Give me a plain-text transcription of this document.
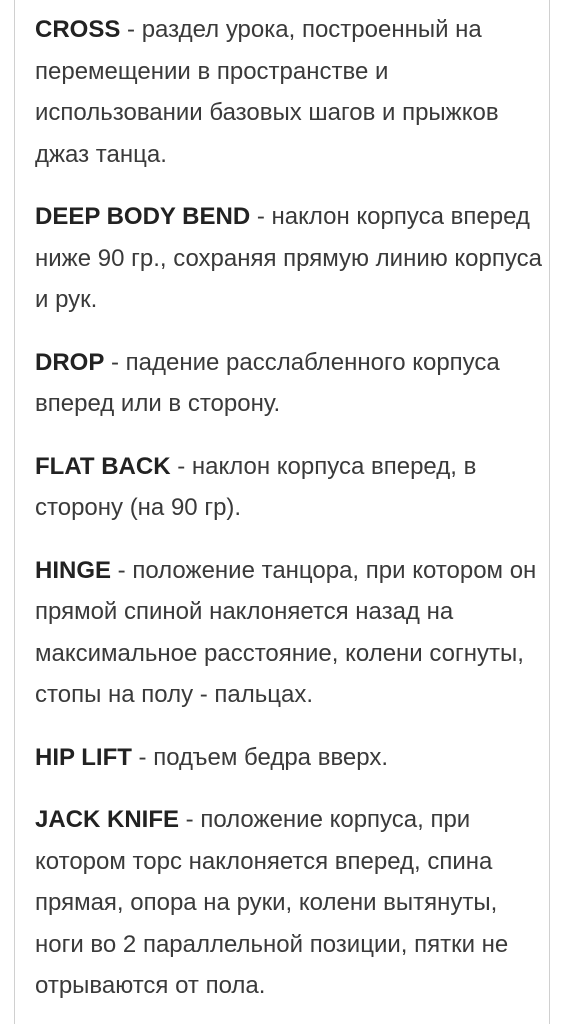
CROSS - раздел урока, построенный на перемещении в пространстве и использовании базовых шагов и прыжков джаз танца.

DEEP BODY BEND - наклон корпуса вперед ниже 90 гр., сохраняя прямую линию корпуса и рук.

DROP - падение расслабленного корпуса вперед или в сторону.

FLAT BACK - наклон корпуса вперед, в сторону (на 90 гр).

HINGE - положение танцора, при котором он прямой спиной наклоняется назад на максимальное расстояние, колени согнуты, стопы на полу - пальцах.

HIP LIFT - подъем бедра вверх.

JACK KNIFE - положение корпуса, при котором торс наклоняется вперед, спина прямая, опора на руки, колени вытянуты, ноги во 2 параллельной позиции, пятки не отрываются от пола.
